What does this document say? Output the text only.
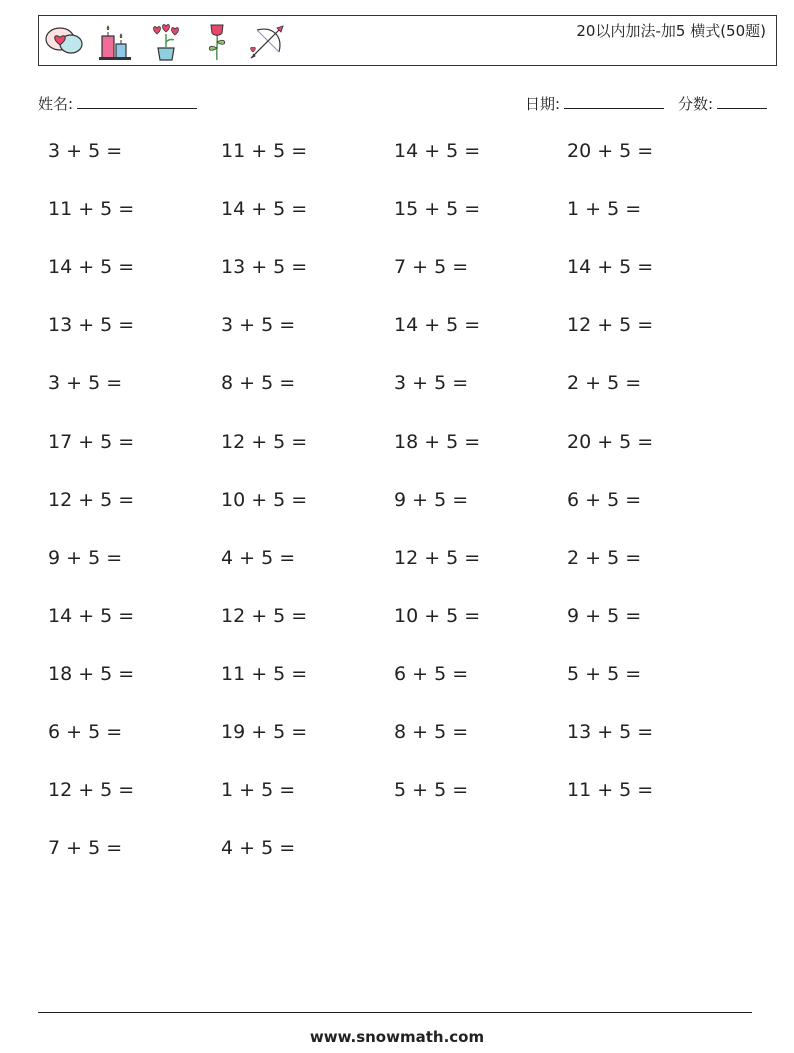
20以内加法-加5 横式(50题)
姓名:	日期:	分数:
3 + 5 =	11 + 5 =	14 + 5 =	20 + 5 =
11 + 5 =	14 + 5 =	15 + 5 =	1 + 5 =
14 + 5 =	13 + 5 =	7 + 5 =	14 + 5 =
13 + 5 =	3 + 5 =	14 + 5 =	12 + 5 =
3 + 5 =	8 + 5 =	3 + 5 =	2 + 5 =
17 + 5 =	12 + 5 =	18 + 5 =	20 + 5 =
12 + 5 =	10 + 5 =	9 + 5 =	6 + 5 =
9 + 5 =	4 + 5 =	12 + 5 =	2 + 5 =
14 + 5 =	12 + 5 =	10 + 5 =	9 + 5 =
18 + 5 =	11 + 5 =	6 + 5 =	5 + 5 =
6 + 5 =	19 + 5 =	8 + 5 =	13 + 5 =
12 + 5 =	1 + 5 =	5 + 5 =	11 + 5 =
7 + 5 =	4 + 5 =
www.snowmath.com
